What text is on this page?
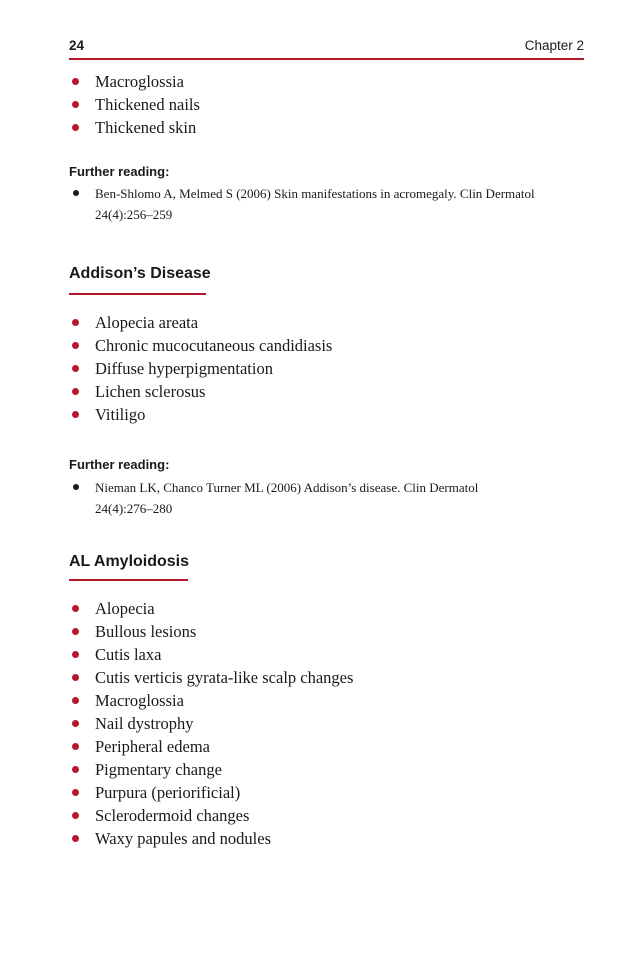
24	Chapter 2
Macroglossia
Thickened nails
Thickened skin
Further reading:
Ben-Shlomo A, Melmed S (2006) Skin manifestations in acromegaly. Clin Dermatol
24(4):256–259
Addison’s Disease
Alopecia areata
Chronic mucocutaneous candidiasis
Diffuse hyperpigmentation
Lichen sclerosus
Vitiligo
Further reading:
Nieman LK, Chanco Turner ML (2006) Addison’s disease. Clin Dermatol
24(4):276–280
AL Amyloidosis
Alopecia
Bullous lesions
Cutis laxa
Cutis verticis gyrata-like scalp changes
Macroglossia
Nail dystrophy
Peripheral edema
Pigmentary change
Purpura (periorificial)
Sclerodermoid changes
Waxy papules and nodules
